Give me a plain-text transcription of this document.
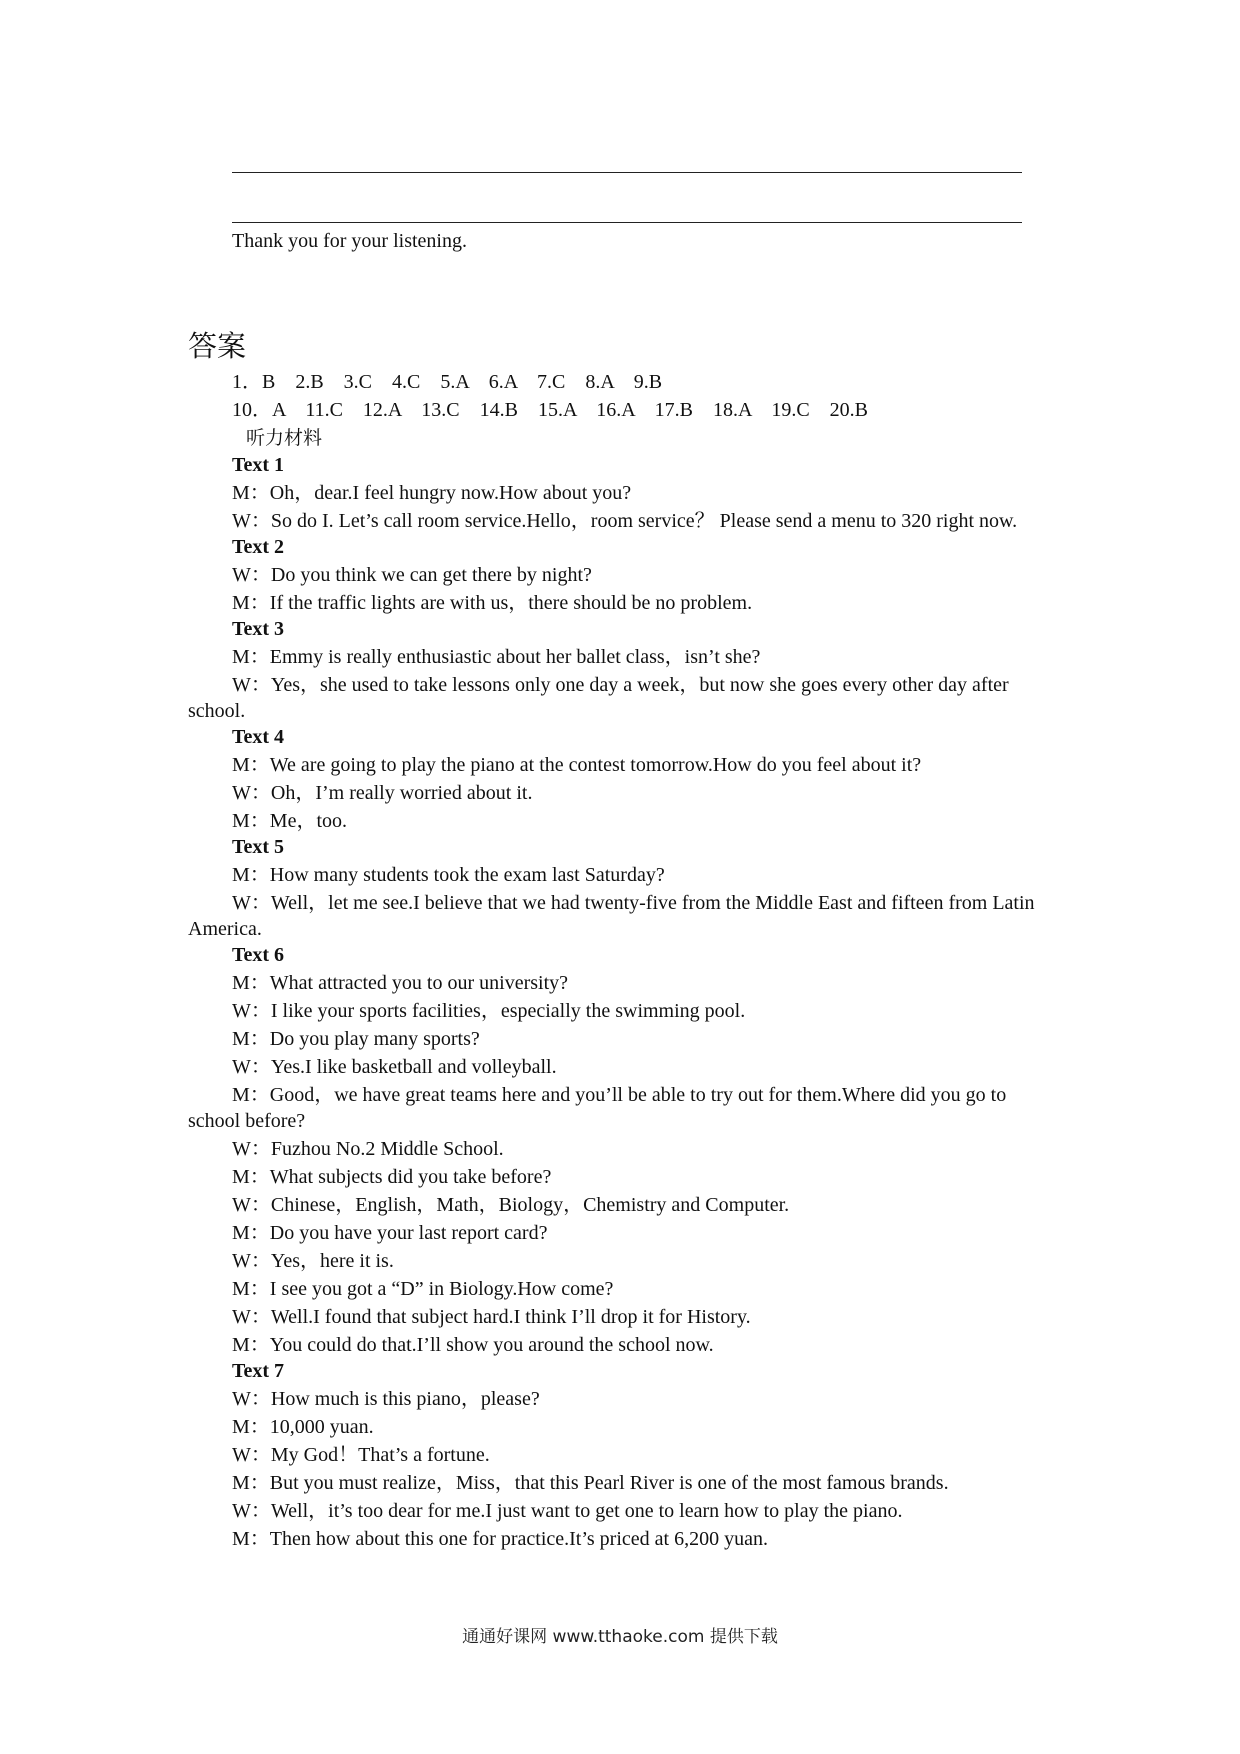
Thank you for your listening.
答案
1．B    2.B    3.C    4.C    5.A    6.A    7.C    8.A    9.B
10．A    11.C    12.A    13.C    14.B    15.A    16.A    17.B    18.A    19.C    20.B
听力材料
Text 1

M：Oh，dear.I feel hungry now.How about you?

W：So do I. Let’s call room service.Hello，room service？ Please send a menu to 320 right now.

Text 2

W：Do you think we can get there by night?

M：If the traffic lights are with us，there should be no problem.

Text 3

M：Emmy is really enthusiastic about her ballet class，isn’t she?

W：Yes，she used to take lessons only one day a week，but now she goes every other day after school.

Text 4

M：We are going to play the piano at the contest tomorrow.How do you feel about it?

W：Oh，I’m really worried about it.

M：Me，too.

Text 5

M：How many students took the exam last Saturday?

W：Well，let me see.I believe that we had twenty-five from the Middle East and fifteen from Latin America.

Text 6

M：What attracted you to our university?

W：I like your sports facilities，especially the swimming pool.

M：Do you play many sports?

W：Yes.I like basketball and volleyball.

M：Good，we have great teams here and you’ll be able to try out for them.Where did you go to school before?

W：Fuzhou No.2 Middle School.

M：What subjects did you take before?

W：Chinese，English，Math，Biology，Chemistry and Computer.

M：Do you have your last report card?

W：Yes，here it is.

M：I see you got a “D” in Biology.How come?

W：Well.I found that subject hard.I think I’ll drop it for History.

M：You could do that.I’ll show you around the school now.

Text 7

W：How much is this piano，please?

M：10,000 yuan.

W：My God！That’s a fortune.

M：But you must realize，Miss，that this Pearl River is one of the most famous brands.

W：Well，it’s too dear for me.I just want to get one to learn how to play the piano.

M：Then how about this one for practice.It’s priced at 6,200 yuan.

通通好课网 www.tthaoke.com 提供下载
